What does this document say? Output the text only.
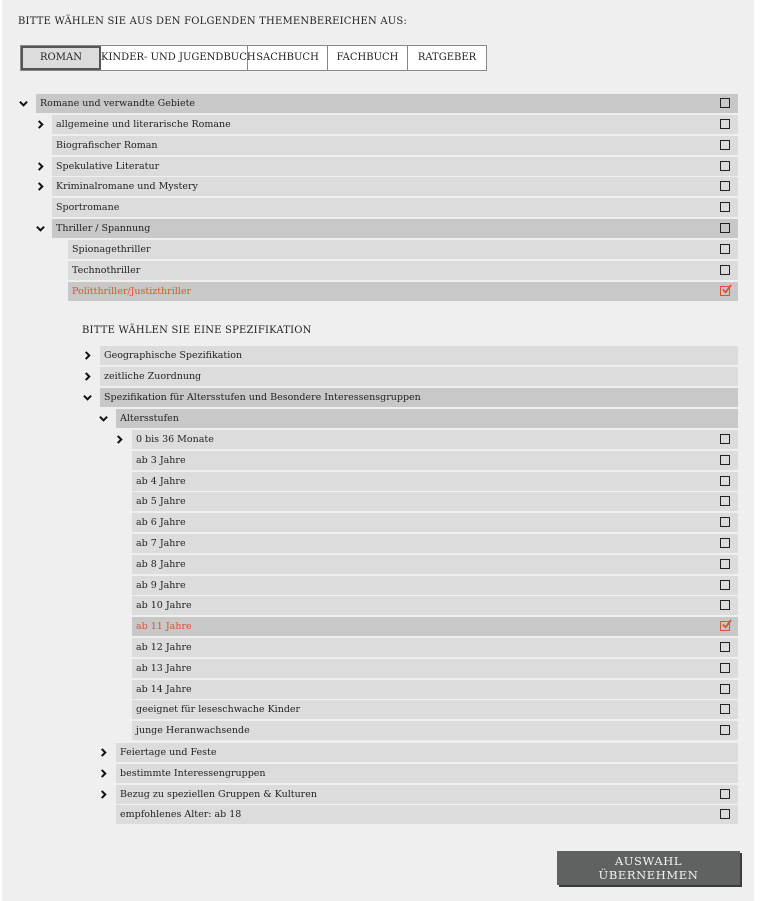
BITTE WÄHLEN SIE AUS DEN FOLGENDEN THEMENBEREICHEN AUS:
ROMAN	KINDER- UND JUGENDBUCH SACHBUCH	FACHBUCH	RATGEBER
BITTE WÄHLEN SIE EINE SPEZIFIKATION
AUSWAHL ÜBERNEHMEN
Romane und verwandte Gebiete
allgemeine und literarische Romane
Biografischer Roman
Spekulative Literatur
Kriminalromane und Mystery
Sportromane
Thriller / Spannung
Spionagethriller
Technothriller
Politthriller/Justizthriller
Geographische Spezifikation
zeitliche Zuordnung
Spezifikation für Altersstufen und Besondere Interessensgruppen
Altersstufen
0 bis 36 Monate
ab 3 Jahre
ab 4 Jahre
ab 5 Jahre
ab 6 Jahre
ab 7 Jahre
ab 8 Jahre
ab 9 Jahre
ab 10 Jahre
ab 11 Jahre
ab 12 Jahre
ab 13 Jahre
ab 14 Jahre
geeignet für leseschwache Kinder
junge Heranwachsende
Feiertage und Feste
bestimmte Interessengruppen
Bezug zu speziellen Gruppen & Kulturen
empfohlenes Alter: ab 18
